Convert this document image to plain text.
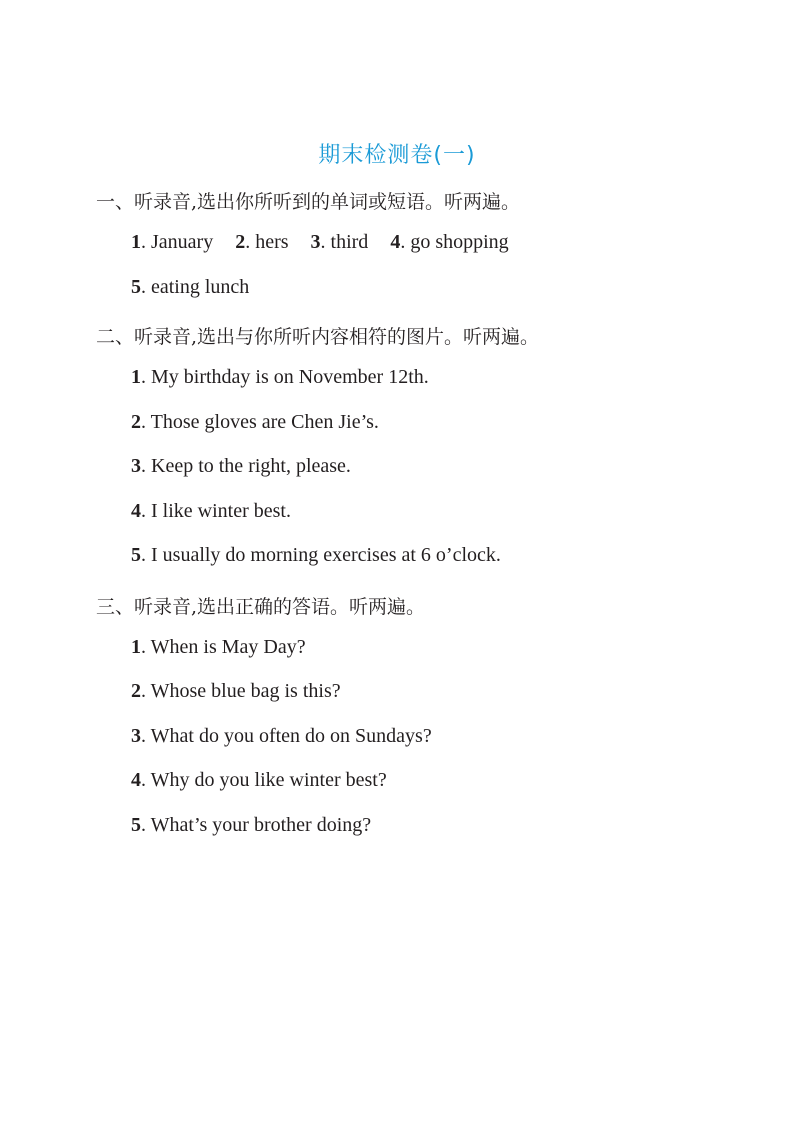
期末检测卷(一)
一、听录音,选出你所听到的单词或短语。听两遍。
1. January 2. hers 3. third 4. go shopping
5. eating lunch
二、听录音,选出与你所听内容相符的图片。听两遍。
1. My birthday is on November 12th.
2. Those gloves are Chen Jie’s.
3. Keep to the right, please.
4. I like winter best.
5. I usually do morning exercises at 6 o’clock.
三、听录音,选出正确的答语。听两遍。
1. When is May Day?
2. Whose blue bag is this?
3. What do you often do on Sundays?
4. Why do you like winter best?
5. What’s your brother doing?
